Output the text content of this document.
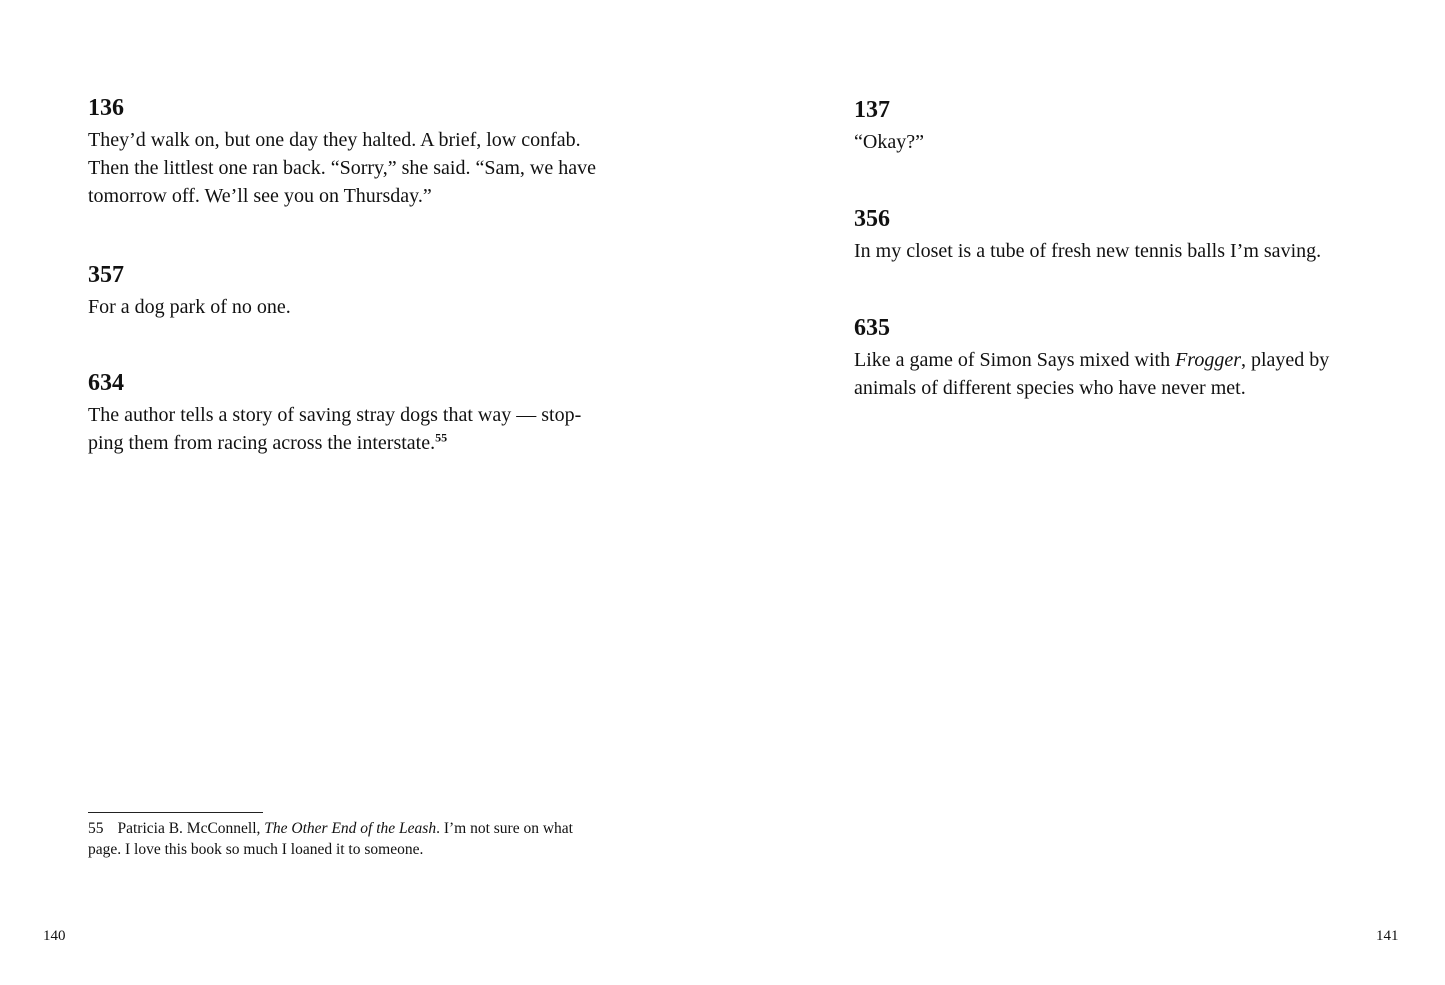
136

They’d walk on, but one day they halted. A brief, low confab.
Then the littlest one ran back. “Sorry,” she said. “Sam, we have
tomorrow off. We’ll see you on Thursday.”

357

For a dog park of no one.

634

The author tells a story of saving stray dogs that way — stop-
ping them from racing across the interstate.$^{55}$

55 Patricia B. McConnell, The Other End of the Leash. I’m not sure on what
page. I love this book so much I loaned it to someone.
140
137

“Okay?”

356

In my closet is a tube of fresh new tennis balls I’m saving.

635

Like a game of Simon Says mixed with Frogger, played by
animals of different species who have never met.

141
